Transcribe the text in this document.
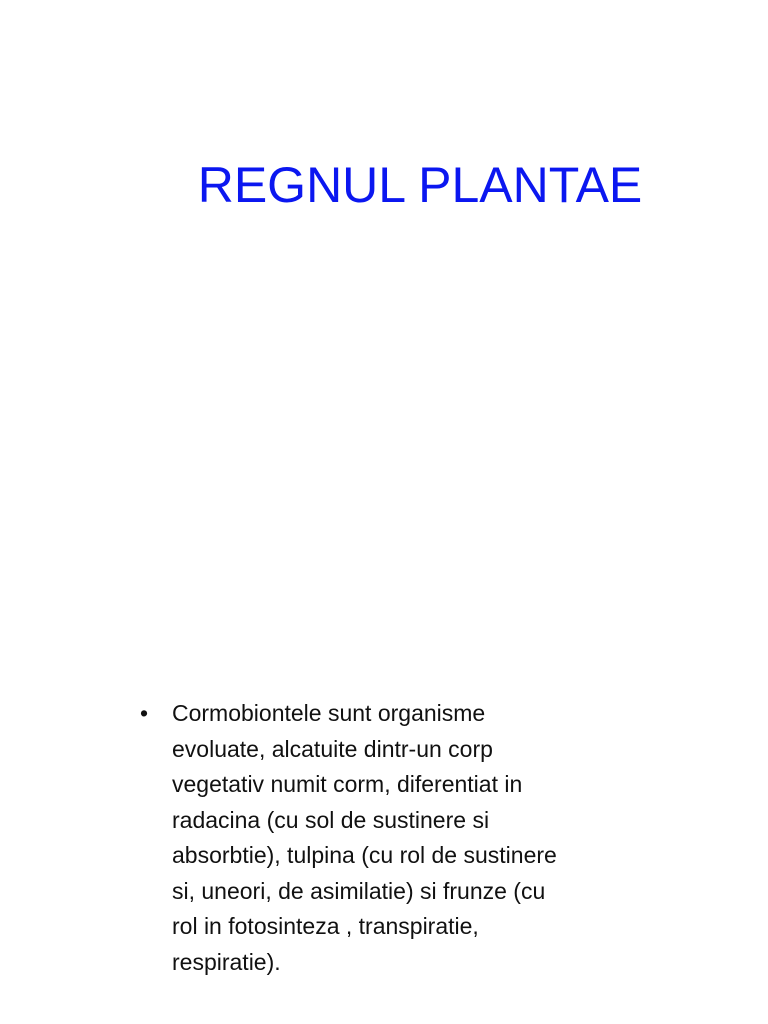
REGNUL PLANTAE
• Cormobiontele sunt organisme
evoluate, alcatuite dintr-un corp
vegetativ numit corm, diferentiat in
radacina (cu sol de sustinere si
absorbtie), tulpina (cu rol de sustinere
si, uneori, de asimilatie) si frunze (cu
rol in fotosinteza , transpiratie,
respiratie).
